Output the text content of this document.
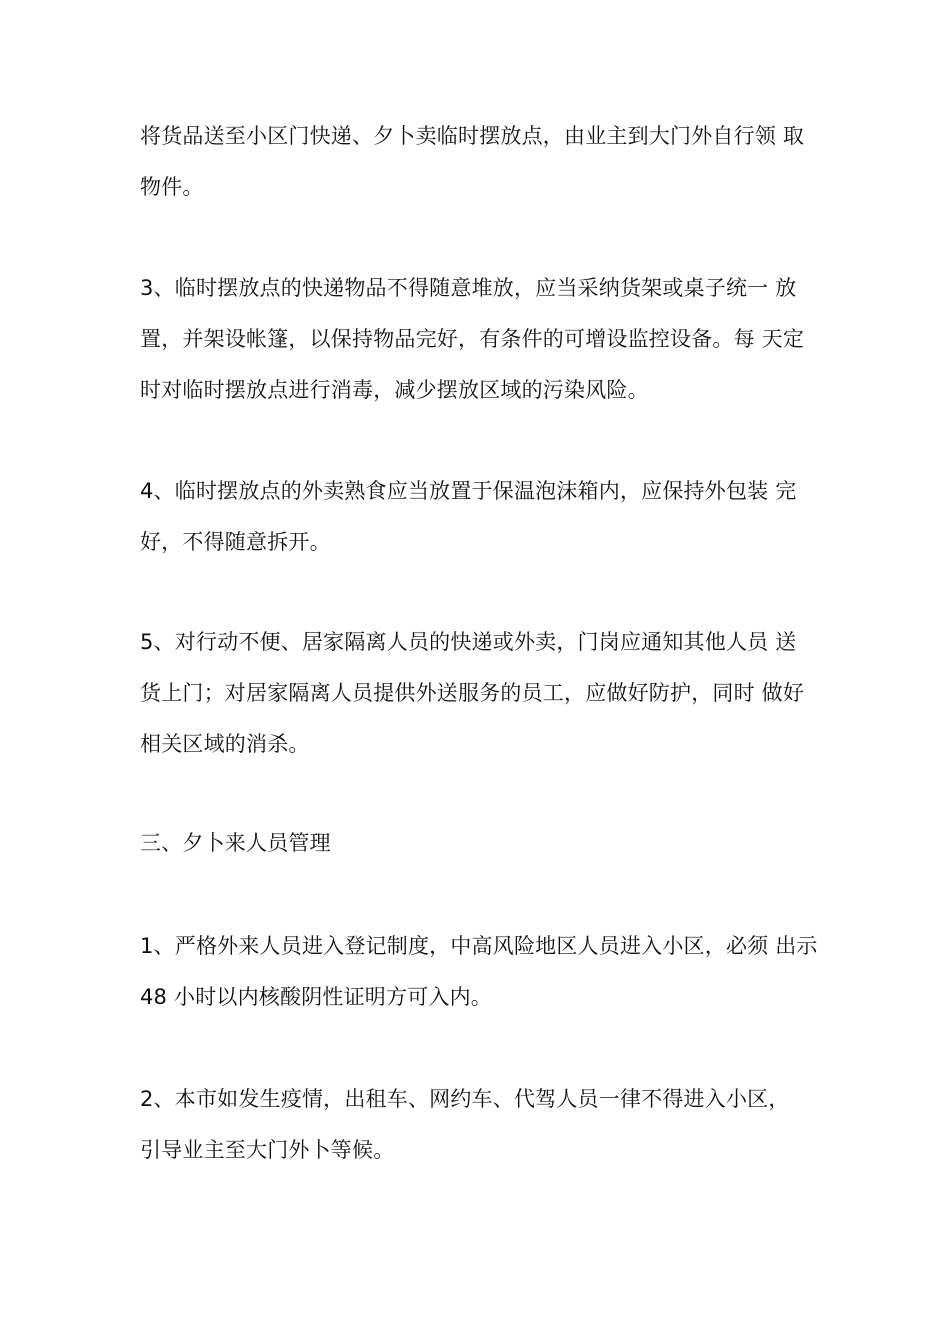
将货品送至小区门快递、夕卜卖临时摆放点，由业主到大门外自行领 取
物件。
3、临时摆放点的快递物品不得随意堆放，应当采纳货架或桌子统一 放
置，并架设帐篷，以保持物品完好，有条件的可增设监控设备。每 天定
时对临时摆放点进行消毒，减少摆放区域的污染风险。
4、临时摆放点的外卖熟食应当放置于保温泡沫箱内，应保持外包装 完
好，不得随意拆开。
5、对行动不便、居家隔离人员的快递或外卖，门岗应通知其他人员 送
货上门；对居家隔离人员提供外送服务的员工，应做好防护，同时 做好
相关区域的消杀。
三、夕卜来人员管理
1、严格外来人员进入登记制度，中高风险地区人员进入小区，必须 出示
48 小时以内核酸阴性证明方可入内。
2、本市如发生疫情，出租车、网约车、代驾人员一律不得进入小区，
引导业主至大门外卜等候。
